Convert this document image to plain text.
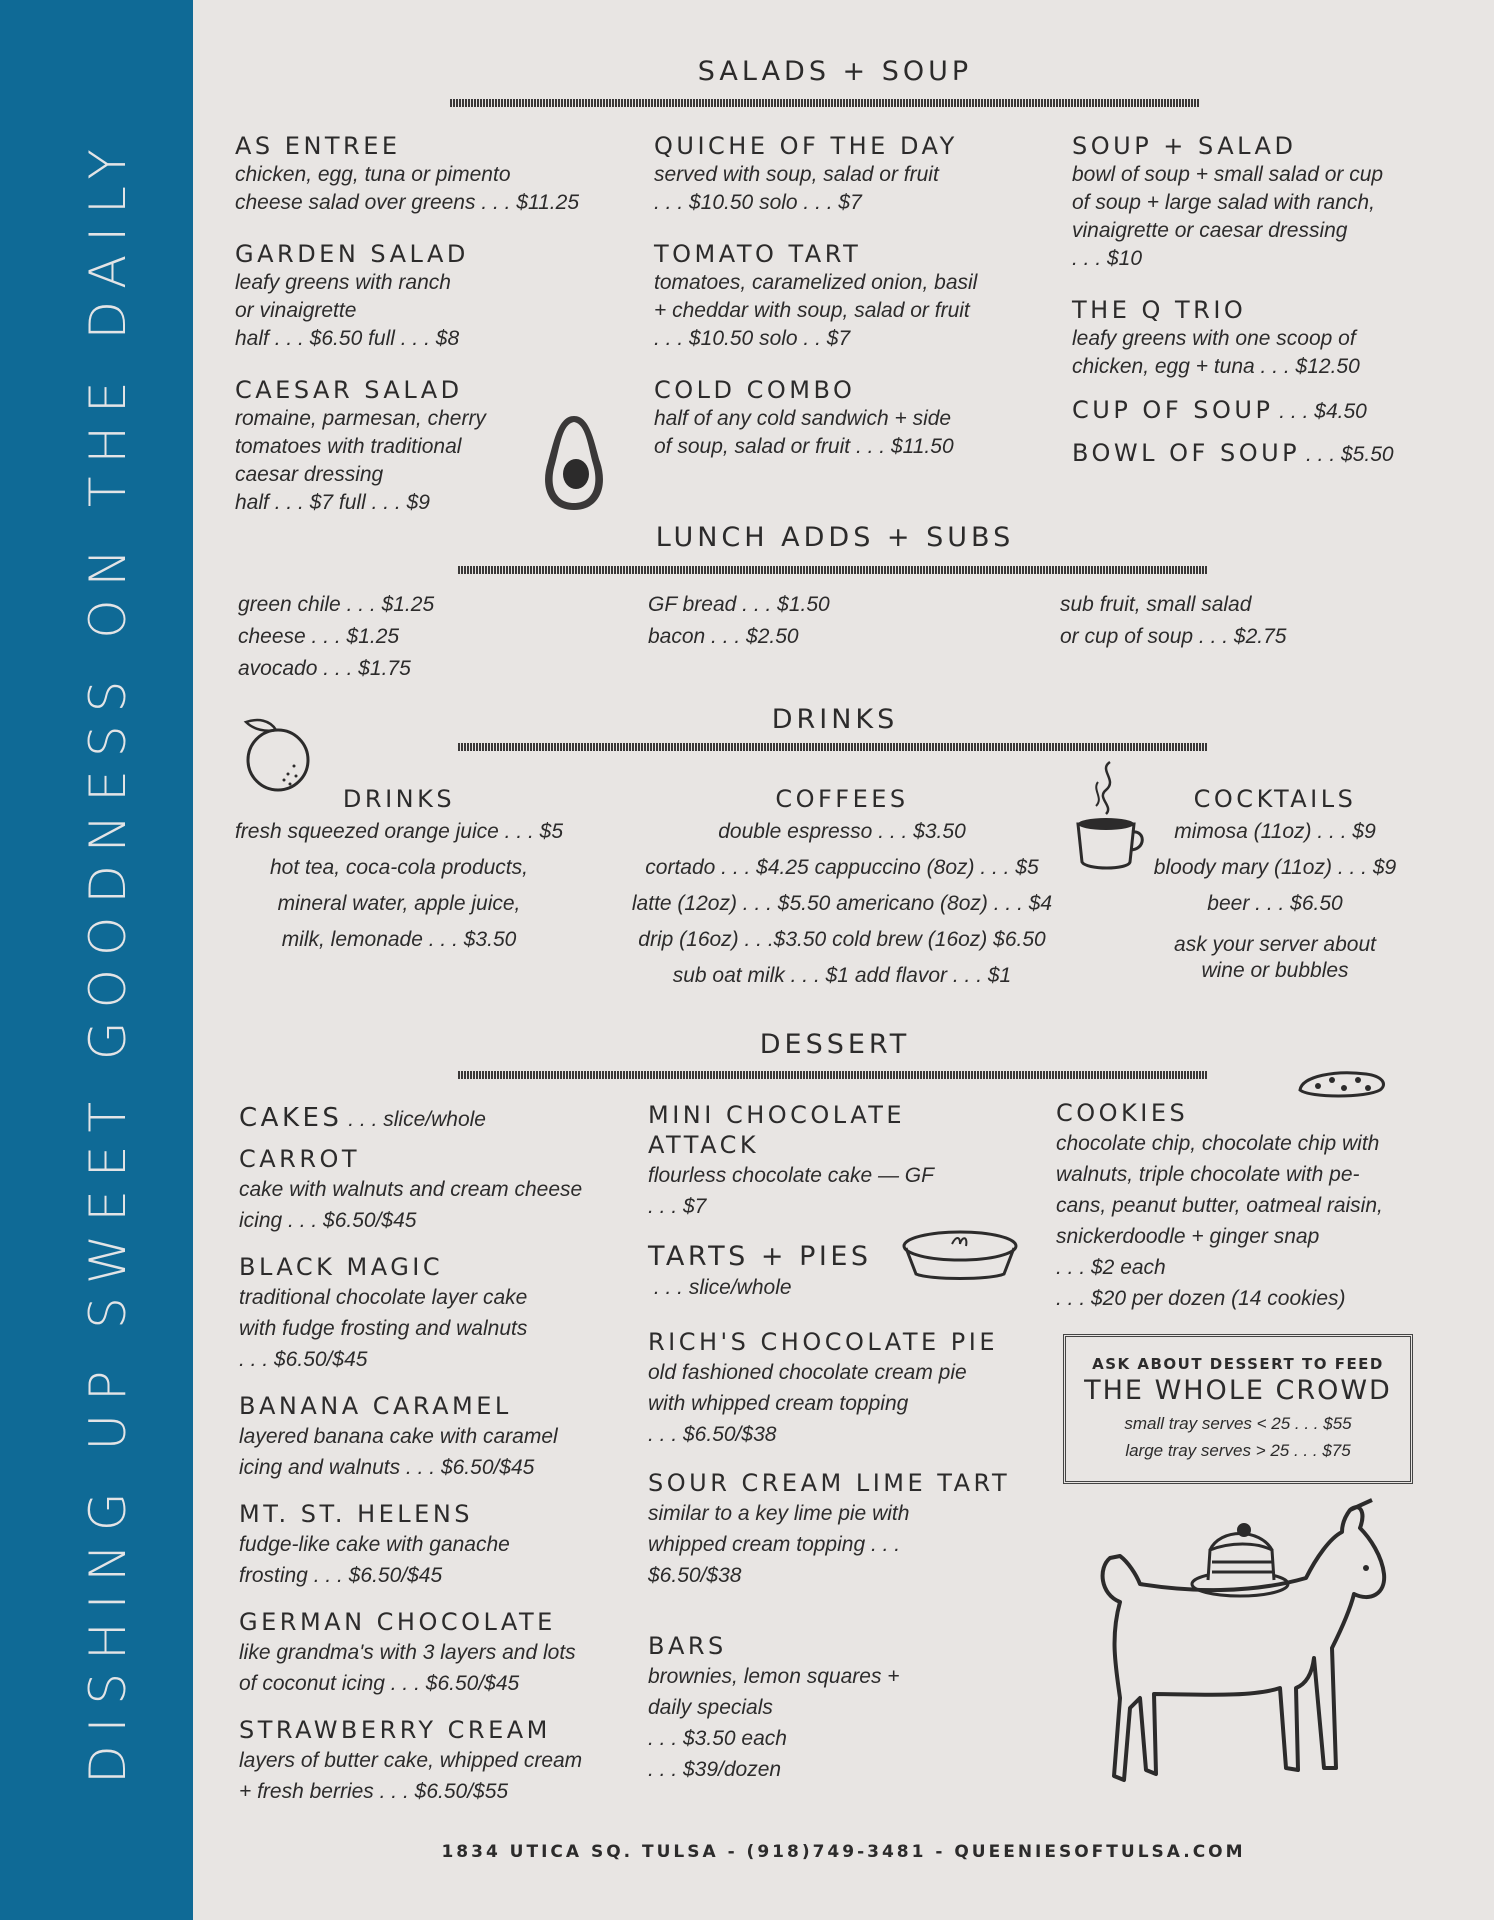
DISHING UP SWEET GOODNESS ON THE DAILY
SALADS + SOUP
AS ENTREE
chicken, egg, tuna or pimento
cheese salad over greens . . . $11.25
GARDEN SALAD
leafy greens with ranch
or vinaigrette
half . . . $6.50 full . . . $8
CAESAR SALAD
romaine, parmesan, cherry
tomatoes with traditional
caesar dressing
half . . . $7 full . . . $9
QUICHE OF THE DAY
served with soup, salad or fruit
. . . $10.50 solo . . . $7
TOMATO TART
tomatoes, caramelized onion, basil
+ cheddar with soup, salad or fruit
. . . $10.50 solo . . $7
COLD COMBO
half of any cold sandwich + side
of soup, salad or fruit . . . $11.50
SOUP + SALAD
bowl of soup + small salad or cup
of soup + large salad with ranch,
vinaigrette or caesar dressing
. . . $10
THE Q TRIO
leafy greens with one scoop of
chicken, egg + tuna . . . $12.50
CUP OF SOUP . . . $4.50
BOWL OF SOUP . . . $5.50
LUNCH ADDS + SUBS
green chile . . . $1.25
cheese . . . $1.25
avocado . . . $1.75
GF bread . . . $1.50
bacon . . . $2.50
sub fruit, small salad
or cup of soup . . . $2.75
DRINKS
DRINKS
fresh squeezed orange juice . . . $5
hot tea, coca-cola products,
mineral water, apple juice,
milk, lemonade . . . $3.50
COFFEES
double espresso . . . $3.50
cortado . . . $4.25 cappuccino (8oz) . . . $5
latte (12oz) . . . $5.50 americano (8oz) . . . $4
drip (16oz) . . .$3.50 cold brew (16oz) $6.50
sub oat milk . . . $1 add flavor . . . $1
COCKTAILS
mimosa (11oz) . . . $9
bloody mary (11oz) . . . $9
beer . . . $6.50
ask your server about
wine or bubbles
DESSERT
CAKES . . . slice/whole
CARROT
cake with walnuts and cream cheese
icing . . . $6.50/$45
BLACK MAGIC
traditional chocolate layer cake
with fudge frosting and walnuts
. . . $6.50/$45
BANANA CARAMEL
layered banana cake with caramel
icing and walnuts . . . $6.50/$45
MT. ST. HELENS
fudge-like cake with ganache
frosting . . . $6.50/$45
GERMAN CHOCOLATE
like grandma's with 3 layers and lots
of coconut icing . . . $6.50/$45
STRAWBERRY CREAM
layers of butter cake, whipped cream
+ fresh berries . . . $6.50/$55
MINI CHOCOLATE
ATTACK
flourless chocolate cake — GF
. . . $7
TARTS + PIES
. . . slice/whole
RICH'S CHOCOLATE PIE
old fashioned chocolate cream pie
with whipped cream topping
. . . $6.50/$38
SOUR CREAM LIME TART
similar to a key lime pie with
whipped cream topping . . .
$6.50/$38
BARS
brownies, lemon squares +
daily specials
. . . $3.50 each
. . . $39/dozen
COOKIES
chocolate chip, chocolate chip with
walnuts, triple chocolate with pe-
cans, peanut butter, oatmeal raisin,
snickerdoodle + ginger snap
. . . $2 each
. . . $20 per dozen (14 cookies)
ASK ABOUT DESSERT TO FEED
THE WHOLE CROWD
small tray serves < 25 . . . $55
large tray serves > 25 . . . $75
1834 UTICA SQ. TULSA - (918)749-3481 - QUEENIESOFTULSA.COM
